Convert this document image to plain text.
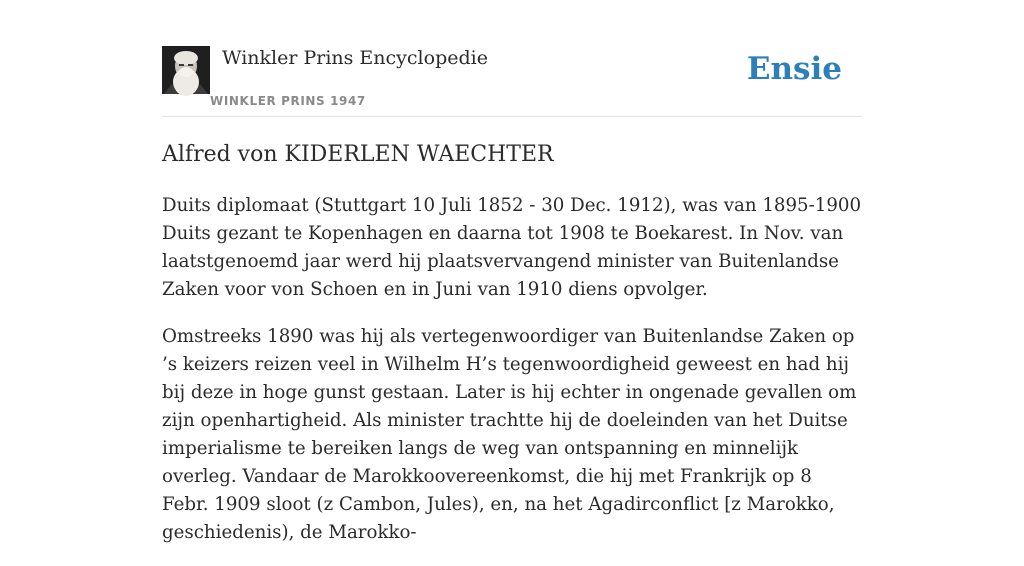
Winkler Prins Encyclopedie
WINKLER PRINS 1947
Ensie
Alfred von KIDERLEN WAECHTER

Duits diplomaat (Stuttgart 10 Juli 1852 - 30 Dec. 1912), was van 1895-1900 Duits gezant te Kopenhagen en daarna tot 1908 te Boekarest. In Nov. van laatstgenoemd jaar werd hij plaatsvervangend minister van Buitenlandse Zaken voor von Schoen en in Juni van 1910 diens opvolger.

Omstreeks 1890 was hij als vertegenwoordiger van Buitenlandse Zaken op ’s keizers reizen veel in Wilhelm H’s tegenwoordigheid geweest en had hij bij deze in hoge gunst gestaan. Later is hij echter in ongenade gevallen om zijn openhartigheid. Als minister trachtte hij de doeleinden van het Duitse imperialisme te bereiken langs de weg van ontspanning en minnelijk overleg. Vandaar de Marokkoovereenkomst, die hij met Frankrijk op 8 Febr. 1909 sloot (z Cambon, Jules), en, na het Agadirconflict [z Marokko, geschiedenis), de Marokko-
